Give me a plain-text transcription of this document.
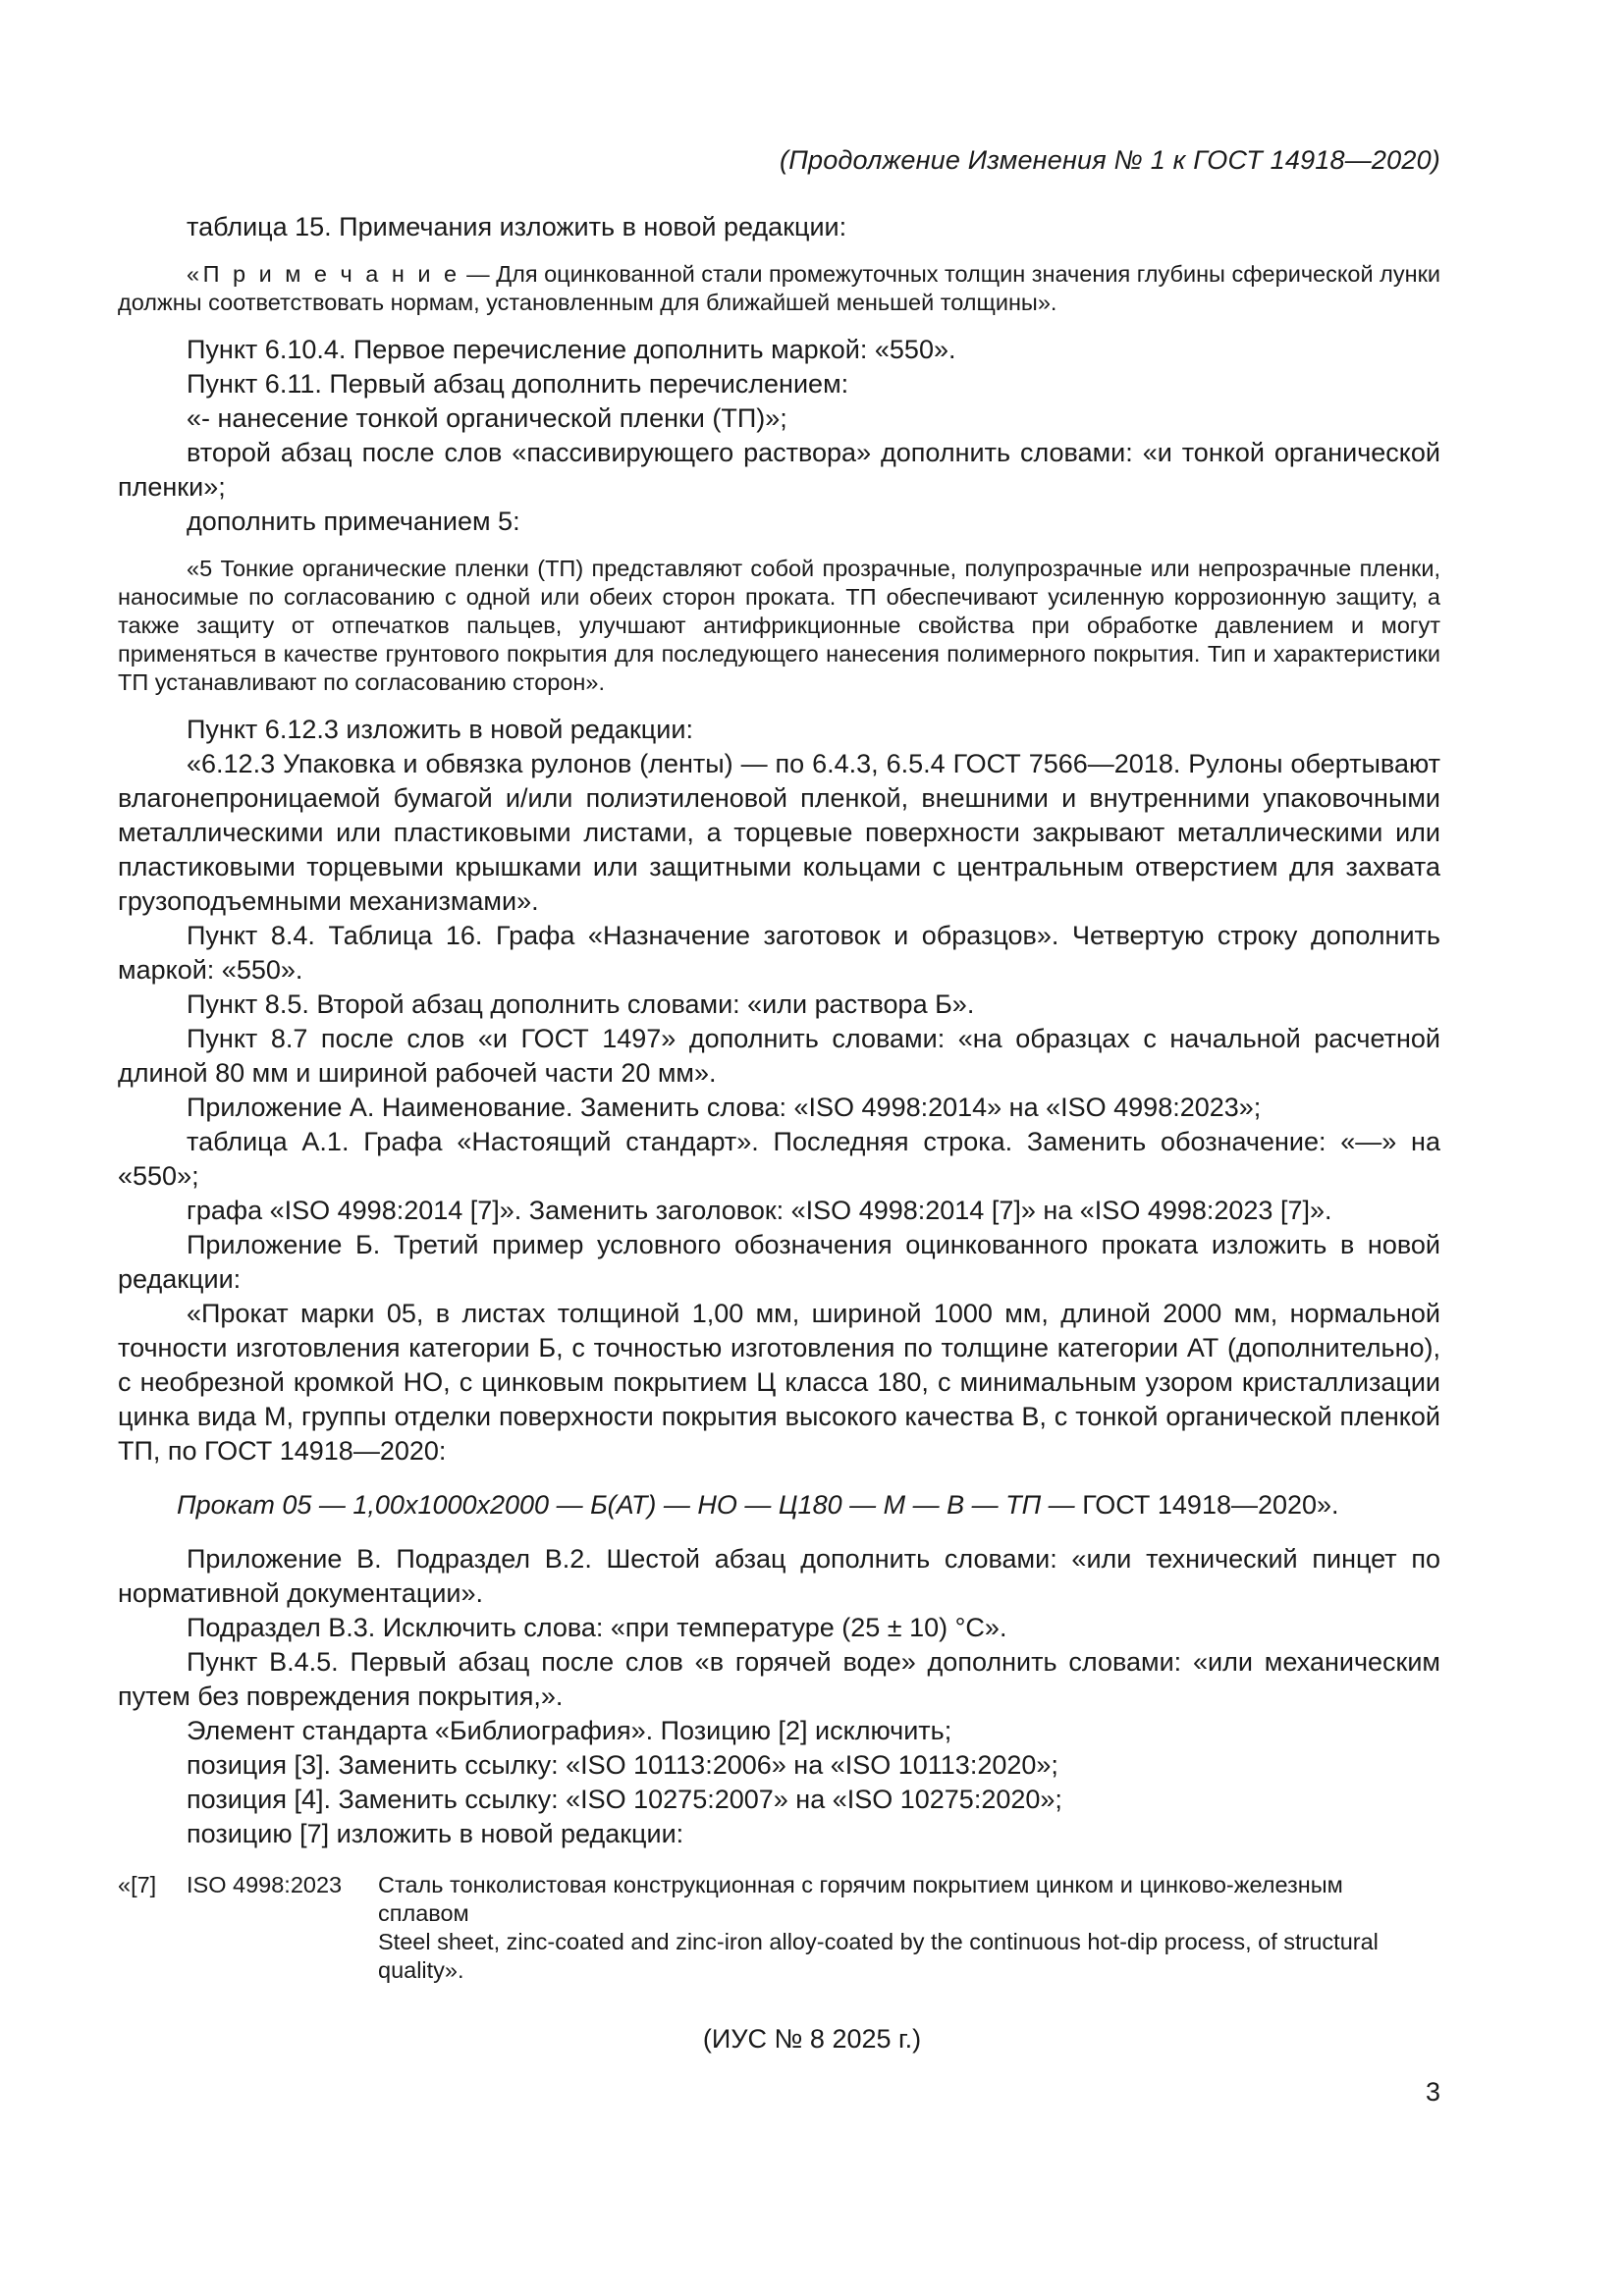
(Продолжение Изменения № 1 к ГОСТ 14918—2020)

таблица 15. Примечания изложить в новой редакции:

«П р и м е ч а н и е — Для оцинкованной стали промежуточных толщин значения глубины сферической лунки должны соответствовать нормам, установленным для ближайшей меньшей толщины».

Пункт 6.10.4. Первое перечисление дополнить маркой: «550».

Пункт 6.11. Первый абзац дополнить перечислением:

«- нанесение тонкой органической пленки (ТП)»;

второй абзац после слов «пассивирующего раствора» дополнить словами: «и тонкой органической пленки»;

дополнить примечанием 5:

«5 Тонкие органические пленки (ТП) представляют собой прозрачные, полупрозрачные или непрозрачные пленки, наносимые по согласованию с одной или обеих сторон проката. ТП обеспечивают усиленную коррозионную защиту, а также защиту от отпечатков пальцев, улучшают антифрикционные свойства при обработке давлением и могут применяться в качестве грунтового покрытия для последующего нанесения полимерного покрытия. Тип и характеристики ТП устанавливают по согласованию сторон».

Пункт 6.12.3 изложить в новой редакции:

«6.12.3 Упаковка и обвязка рулонов (ленты) — по 6.4.3, 6.5.4 ГОСТ 7566—2018. Рулоны обертывают влагонепроницаемой бумагой и/или полиэтиленовой пленкой, внешними и внутренними упаковочными металлическими или пластиковыми листами, а торцевые поверхности закрывают металлическими или пластиковыми торцевыми крышками или защитными кольцами с центральным отверстием для захвата грузоподъемными механизмами».

Пункт 8.4. Таблица 16. Графа «Назначение заготовок и образцов». Четвертую строку дополнить маркой: «550».

Пункт 8.5. Второй абзац дополнить словами: «или раствора Б».

Пункт 8.7 после слов «и ГОСТ 1497» дополнить словами: «на образцах с начальной расчетной длиной 80 мм и шириной рабочей части 20 мм».

Приложение А. Наименование. Заменить слова: «ISO 4998:2014» на «ISO 4998:2023»;

таблица А.1. Графа «Настоящий стандарт». Последняя строка. Заменить обозначение: «—» на «550»;

графа «ISO 4998:2014 [7]». Заменить заголовок: «ISO 4998:2014 [7]» на «ISO 4998:2023 [7]».

Приложение Б. Третий пример условного обозначения оцинкованного проката изложить в новой редакции:

«Прокат марки 05, в листах толщиной 1,00 мм, шириной 1000 мм, длиной 2000 мм, нормальной точности изготовления категории Б, с точностью изготовления по толщине категории АТ (дополнительно), с необрезной кромкой НО, с цинковым покрытием Ц класса 180, с минимальным узором кристаллизации цинка вида М, группы отделки поверхности покрытия высокого качества В, с тонкой органической пленкой ТП, по ГОСТ 14918—2020:

Прокат 05 — 1,00x1000x2000 — Б(АТ) — НО — Ц180 — М — В — ТП — ГОСТ 14918—2020».

Приложение В. Подраздел В.2. Шестой абзац дополнить словами: «или технический пинцет по нормативной документации».

Подраздел В.3. Исключить слова: «при температуре (25 ± 10) °С».

Пункт В.4.5. Первый абзац после слов «в горячей воде» дополнить словами: «или механическим путем без повреждения покрытия,».

Элемент стандарта «Библиография». Позицию [2] исключить;

позиция [3]. Заменить ссылку: «ISO 10113:2006» на «ISO 10113:2020»;

позиция [4]. Заменить ссылку: «ISO 10275:2007» на «ISO 10275:2020»;

позицию [7] изложить в новой редакции:

«[7]	ISO 4998:2023	Сталь тонколистовая конструкционная с горячим покрытием цинком и цинково-железным сплавом
Steel sheet, zinc-coated and zinc-iron alloy-coated by the continuous hot-dip process, of structural quality».
(ИУС № 8 2025 г.)
3
